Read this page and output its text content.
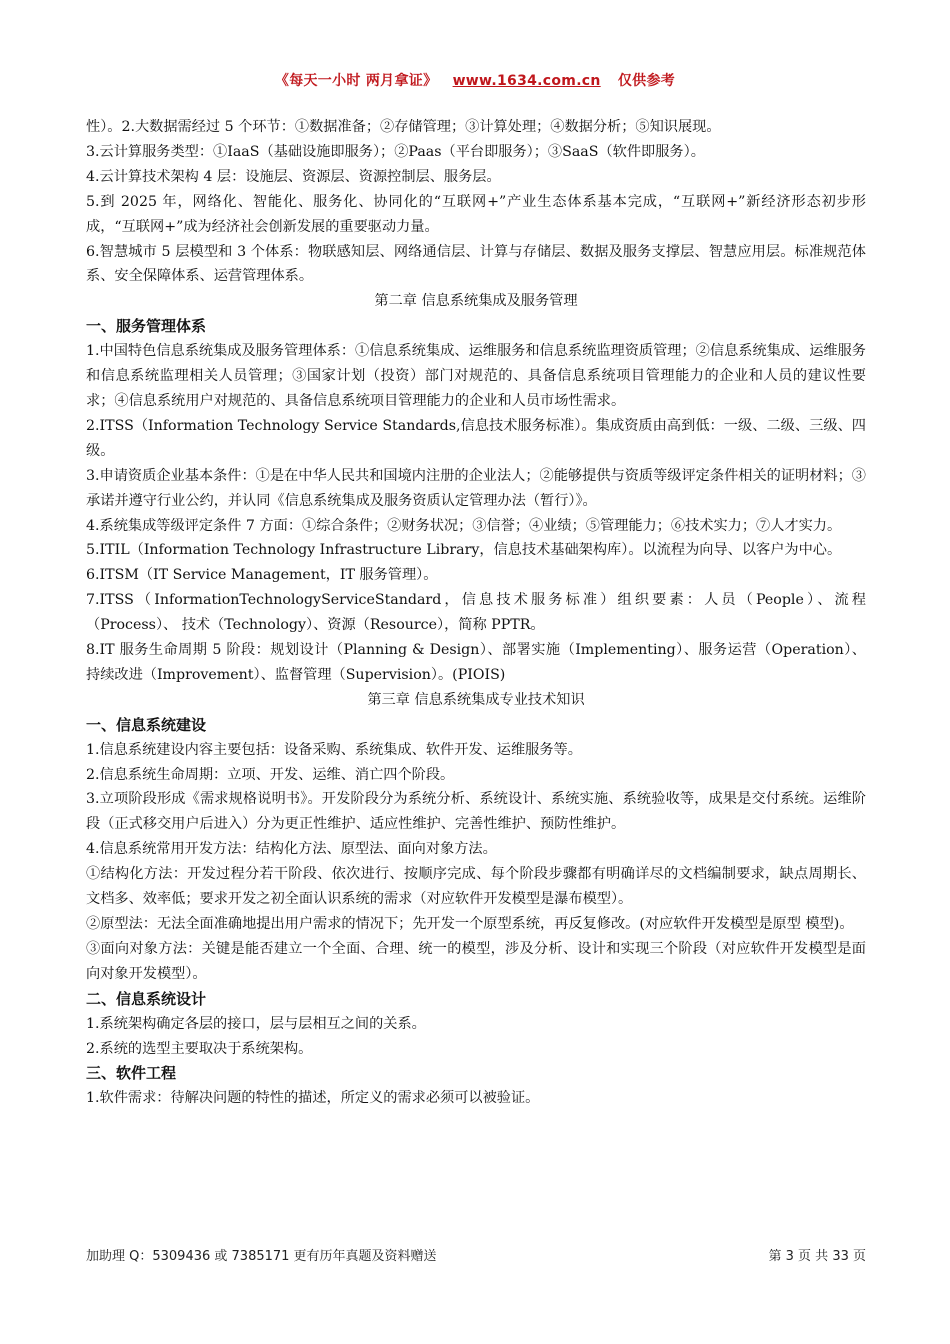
《每天一小时 两月拿证》 www.1634.com.cn 仅供参考

性）。2.大数据需经过 5 个环节：①数据准备；②存储管理；③计算处理；④数据分析；⑤知识展现。

3.云计算服务类型：①IaaS（基础设施即服务）；②Paas（平台即服务）；③SaaS（软件即服务）。

4.云计算技术架构 4 层：设施层、资源层、资源控制层、服务层。

5.到 2025 年，网络化、智能化、服务化、协同化的“互联网+”产业生态体系基本完成，“互联网+”新经济形态初步形成，“互联网+”成为经济社会创新发展的重要驱动力量。

6.智慧城市 5 层模型和 3 个体系：物联感知层、网络通信层、计算与存储层、数据及服务支撑层、智慧应用层。标准规范体系、安全保障体系、运营管理体系。

第二章 信息系统集成及服务管理

一、服务管理体系

1.中国特色信息系统集成及服务管理体系：①信息系统集成、运维服务和信息系统监理资质管理；②信息系统集成、运维服务和信息系统监理相关人员管理；③国家计划（投资）部门对规范的、具备信息系统项目管理能力的企业和人员的建议性要求；④信息系统用户对规范的、具备信息系统项目管理能力的企业和人员市场性需求。

2.ITSS（Information Technology Service Standards,信息技术服务标准）。集成资质由高到低：一级、二级、三级、四级。

3.申请资质企业基本条件：①是在中华人民共和国境内注册的企业法人；②能够提供与资质等级评定条件相关的证明材料；③承诺并遵守行业公约，并认同《信息系统集成及服务资质认定管理办法（暂行）》。

4.系统集成等级评定条件 7 方面：①综合条件；②财务状况；③信誉；④业绩；⑤管理能力；⑥技术实力；⑦人才实力。

5.ITIL（Information Technology Infrastructure Library，信息技术基础架构库）。以流程为向导、以客户为中心。

6.ITSM（IT Service Management，IT 服务管理）。

7.ITSS（InformationTechnologyServiceStandard，信息技术服务标准）组织要素：人员（People）、流程（Process）、 技术（Technology）、资源（Resource），简称 PPTR。

8.IT 服务生命周期 5 阶段：规划设计（Planning & Design）、部署实施（Implementing）、服务运营（Operation）、 持续改进（Improvement）、监督管理（Supervision）。(PIOIS)

第三章 信息系统集成专业技术知识

一、信息系统建设

1.信息系统建设内容主要包括：设备采购、系统集成、软件开发、运维服务等。

2.信息系统生命周期：立项、开发、运维、消亡四个阶段。

3.立项阶段形成《需求规格说明书》。开发阶段分为系统分析、系统设计、系统实施、系统验收等，成果是交付系统。运维阶段（正式移交用户后进入）分为更正性维护、适应性维护、完善性维护、预防性维护。

4.信息系统常用开发方法：结构化方法、原型法、面向对象方法。

①结构化方法：开发过程分若干阶段、依次进行、按顺序完成、每个阶段步骤都有明确详尽的文档编制要求，缺点周期长、文档多、效率低；要求开发之初全面认识系统的需求（对应软件开发模型是瀑布模型）。

②原型法：无法全面准确地提出用户需求的情况下；先开发一个原型系统，再反复修改。(对应软件开发模型是原型 模型)。

③面向对象方法：关键是能否建立一个全面、合理、统一的模型，涉及分析、设计和实现三个阶段（对应软件开发模型是面向对象开发模型）。

二、信息系统设计

1.系统架构确定各层的接口，层与层相互之间的关系。

2.系统的选型主要取决于系统架构。

三、软件工程

1.软件需求：待解决问题的特性的描述，所定义的需求必须可以被验证。

加助理 Q：5309436 或 7385171 更有历年真题及资料赠送	第 3 页 共 33 页
